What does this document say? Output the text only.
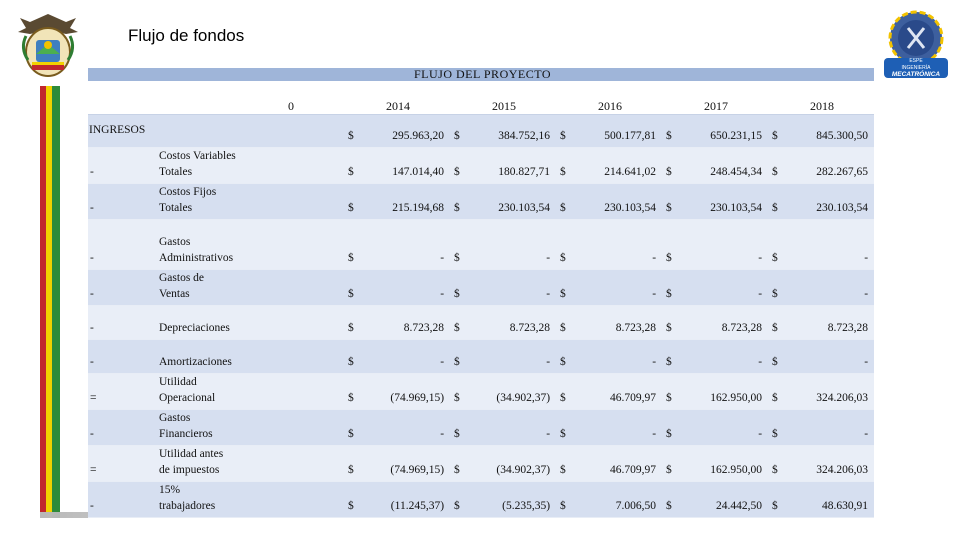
Flujo de fondos
ESPE
INGENIERÍA
MECATRÓNICA
FLUJO DEL PROYECTO
0	2014	2015	2016	2017	2018
INGRESOS			$	295.963,20	$	384.752,16	$	500.177,81	$	650.231,15	$	845.300,50
-	Costos Variables Totales		$	147.014,40	$	180.827,71	$	214.641,02	$	248.454,34	$	282.267,65
-	Costos Fijos Totales		$	215.194,68	$	230.103,54	$	230.103,54	$	230.103,54	$	230.103,54
-	Gastos Administrativos		$	-	$	-	$	-	$	-	$	-
-	Gastos de Ventas		$	-	$	-	$	-	$	-	$	-
-	Depreciaciones		$	8.723,28	$	8.723,28	$	8.723,28	$	8.723,28	$	8.723,28
-	Amortizaciones		$	-	$	-	$	-	$	-	$	-
=	Utilidad Operacional		$	(74.969,15)	$	(34.902,37)	$	46.709,97	$	162.950,00	$	324.206,03
-	Gastos Financieros		$	-	$	-	$	-	$	-	$	-
=	Utilidad antes de impuestos		$	(74.969,15)	$	(34.902,37)	$	46.709,97	$	162.950,00	$	324.206,03
-	15% trabajadores		$	(11.245,37)	$	(5.235,35)	$	7.006,50	$	24.442,50	$	48.630,91
